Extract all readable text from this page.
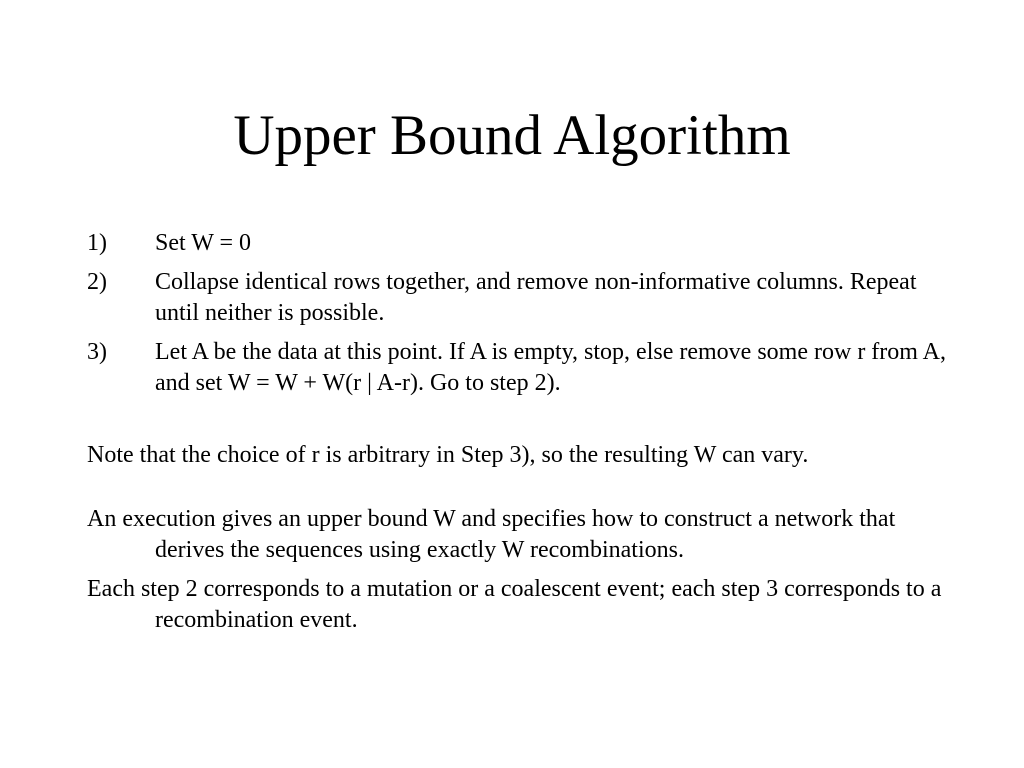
Upper Bound Algorithm
1) Set W = 0
2) Collapse identical rows together, and remove non-informative columns. Repeat until neither is possible.
3) Let A be the data at this point. If A is empty, stop, else remove some row r from A, and set W = W + W(r | A-r). Go to step 2).

Note that the choice of r is arbitrary in Step 3), so the resulting W can vary.

An execution gives an upper bound W and specifies how to construct a network that derives the sequences using exactly W recombinations.

Each step 2 corresponds to a mutation or a coalescent event; each step 3 corresponds to a recombination event.
